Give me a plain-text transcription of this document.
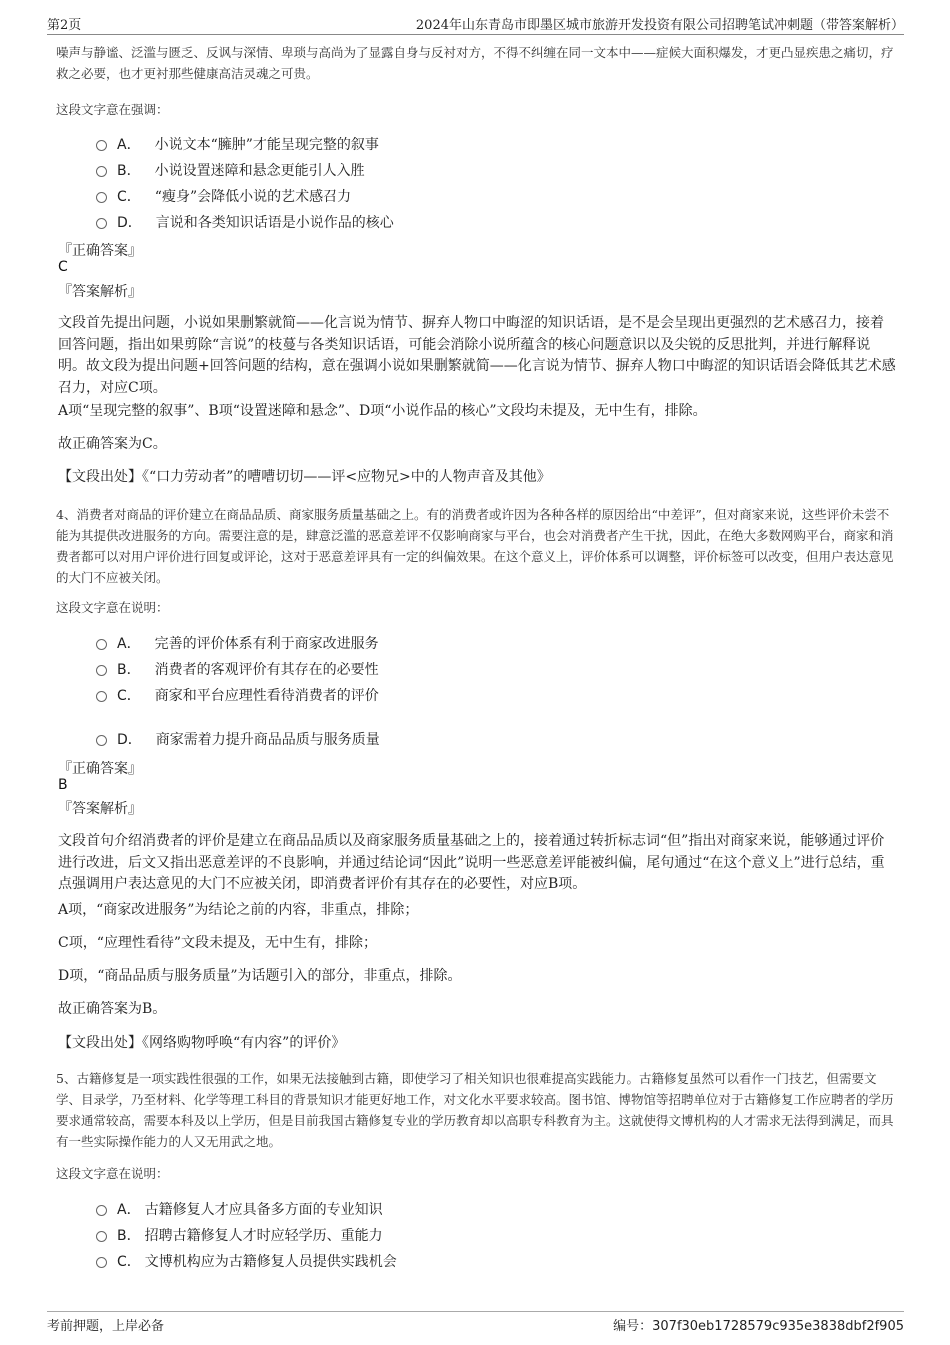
第2页	2024年山东青岛市即墨区城市旅游开发投资有限公司招聘笔试冲刺题（带答案解析）
噪声与静谧、泛滥与匮乏、反讽与深情、卑琐与高尚为了显露自身与反衬对方，不得不纠缠在同一文本中——症候大面积爆发，才更凸显疾患之痛切，疗救之必要，也才更衬那些健康高洁灵魂之可贵。
这段文字意在强调：
A． 小说文本“臃肿”才能呈现完整的叙事
B． 小说设置迷障和悬念更能引人入胜
C． “瘦身”会降低小说的艺术感召力
D． 言说和各类知识话语是小说作品的核心
『正确答案』
C
『答案解析』
文段首先提出问题，小说如果删繁就简——化言说为情节、摒弃人物口中晦涩的知识话语，是不是会呈现出更强烈的艺术感召力，接着回答问题，指出如果剪除“言说”的枝蔓与各类知识话语，可能会消除小说所蕴含的核心问题意识以及尖锐的反思批判，并进行解释说明。故文段为提出问题+回答问题的结构，意在强调小说如果删繁就简——化言说为情节、摒弃人物口中晦涩的知识话语会降低其艺术感召力，对应C项。
A项“呈现完整的叙事”、B项“设置迷障和悬念”、D项“小说作品的核心”文段均未提及，无中生有，排除。
故正确答案为C。
【文段出处】《“口力劳动者”的嘈嘈切切——评<应物兄>中的人物声音及其他》
4、消费者对商品的评价建立在商品品质、商家服务质量基础之上。有的消费者或许因为各种各样的原因给出“中差评”，但对商家来说，这些评价未尝不能为其提供改进服务的方向。需要注意的是，肆意泛滥的恶意差评不仅影响商家与平台，也会对消费者产生干扰，因此，在绝大多数网购平台，商家和消费者都可以对用户评价进行回复或评论，这对于恶意差评具有一定的纠偏效果。在这个意义上，评价体系可以调整，评价标签可以改变，但用户表达意见的大门不应被关闭。
这段文字意在说明：
A． 完善的评价体系有利于商家改进服务
B． 消费者的客观评价有其存在的必要性
C． 商家和平台应理性看待消费者的评价
D． 商家需着力提升商品品质与服务质量
『正确答案』
B
『答案解析』
文段首句介绍消费者的评价是建立在商品品质以及商家服务质量基础之上的，接着通过转折标志词“但”指出对商家来说，能够通过评价进行改进，后文又指出恶意差评的不良影响，并通过结论词“因此”说明一些恶意差评能被纠偏，尾句通过“在这个意义上”进行总结，重点强调用户表达意见的大门不应被关闭，即消费者评价有其存在的必要性，对应B项。
A项，“商家改进服务”为结论之前的内容，非重点，排除；
C项，“应理性看待”文段未提及，无中生有，排除；
D项，“商品品质与服务质量”为话题引入的部分，非重点，排除。
故正确答案为B。
【文段出处】《网络购物呼唤“有内容”的评价》
5、古籍修复是一项实践性很强的工作，如果无法接触到古籍，即使学习了相关知识也很难提高实践能力。古籍修复虽然可以看作一门技艺，但需要文学、目录学，乃至材料、化学等理工科目的背景知识才能更好地工作，对文化水平要求较高。图书馆、博物馆等招聘单位对于古籍修复工作应聘者的学历要求通常较高，需要本科及以上学历，但是目前我国古籍修复专业的学历教育却以高职专科教育为主。这就使得文博机构的人才需求无法得到满足，而具有一些实际操作能力的人又无用武之地。
这段文字意在说明：
A． 古籍修复人才应具备多方面的专业知识
B． 招聘古籍修复人才时应轻学历、重能力
C． 文博机构应为古籍修复人员提供实践机会
考前押题，上岸必备	编号：307f30eb1728579c935e3838dbf2f905
